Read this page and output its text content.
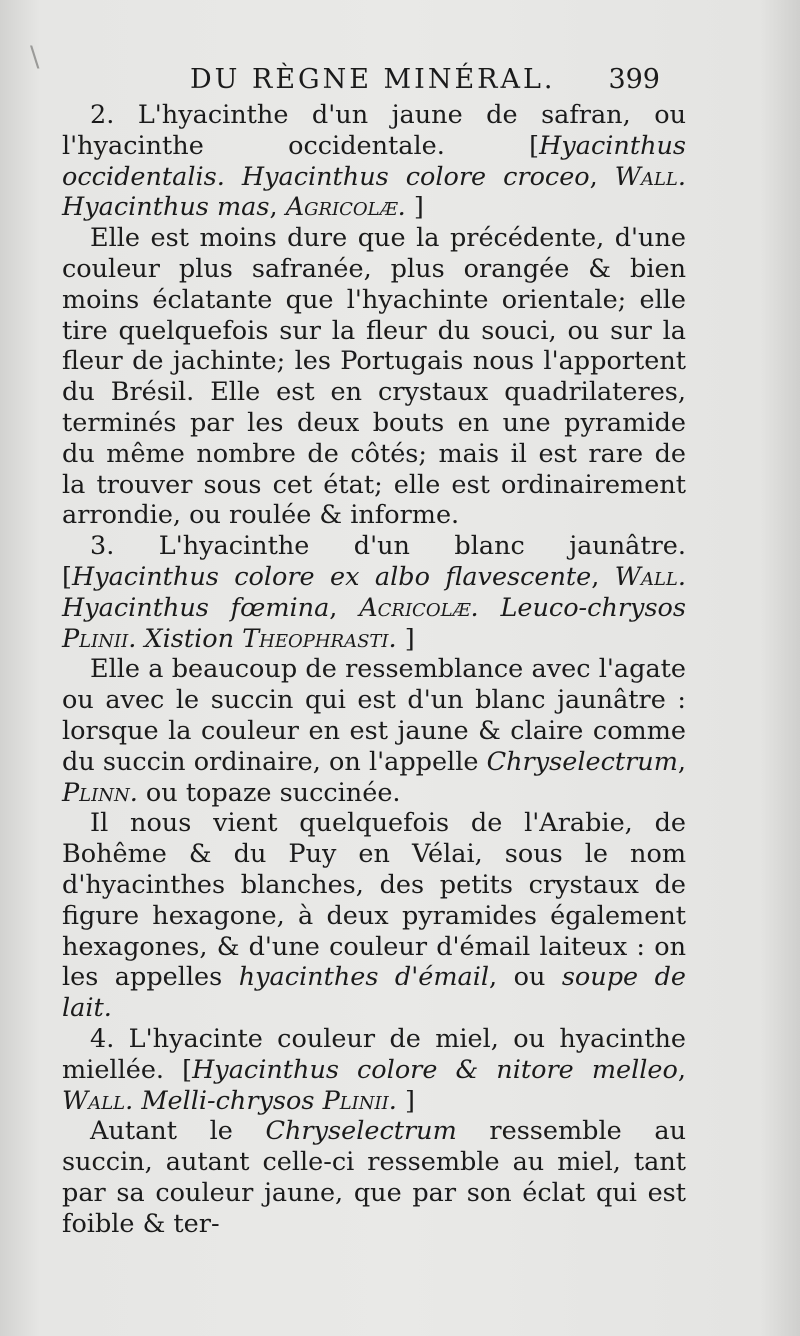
\
DU RÈGNE MINÉRAL. 399

2. L'hyacinthe d'un jaune de safran, ou l'hyacinthe occidentale. [Hyacinthus occidentalis. Hyacinthus colore croceo, Wall. Hyacinthus mas, Agricolæ. ]

Elle est moins dure que la précédente, d'une couleur plus safranée, plus orangée & bien moins éclatante que l'hyachinte orientale; elle tire quelquefois sur la fleur du souci, ou sur la fleur de jachinte; les Portugais nous l'apportent du Brésil. Elle est en crystaux quadrilateres, terminés par les deux bouts en une pyramide du même nombre de côtés; mais il est rare de la trouver sous cet état; elle est ordinairement arrondie, ou roulée & informe.

3. L'hyacinthe d'un blanc jaunâtre. [Hyacinthus colore ex albo flavescente, Wall. Hyacinthus fœmina, Acricolæ. Leuco-chrysos Plinii. Xistion Theophrasti. ]

Elle a beaucoup de ressemblance avec l'agate ou avec le succin qui est d'un blanc jaunâtre : lorsque la couleur en est jaune & claire comme du succin ordinaire, on l'appelle Chryselectrum, Plinn. ou topaze succinée.

Il nous vient quelquefois de l'Arabie, de Bohême & du Puy en Vélai, sous le nom d'hyacinthes blanches, des petits crystaux de figure hexagone, à deux pyramides également hexagones, & d'une couleur d'émail laiteux : on les appelles hyacinthes d'émail, ou soupe de lait.

4. L'hyacinte couleur de miel, ou hyacinthe miellée. [Hyacinthus colore & nitore melleo, Wall. Melli-chrysos Plinii. ]

Autant le Chryselectrum ressemble au succin, autant celle-ci ressemble au miel, tant par sa couleur jaune, que par son éclat qui est foible & ter-
